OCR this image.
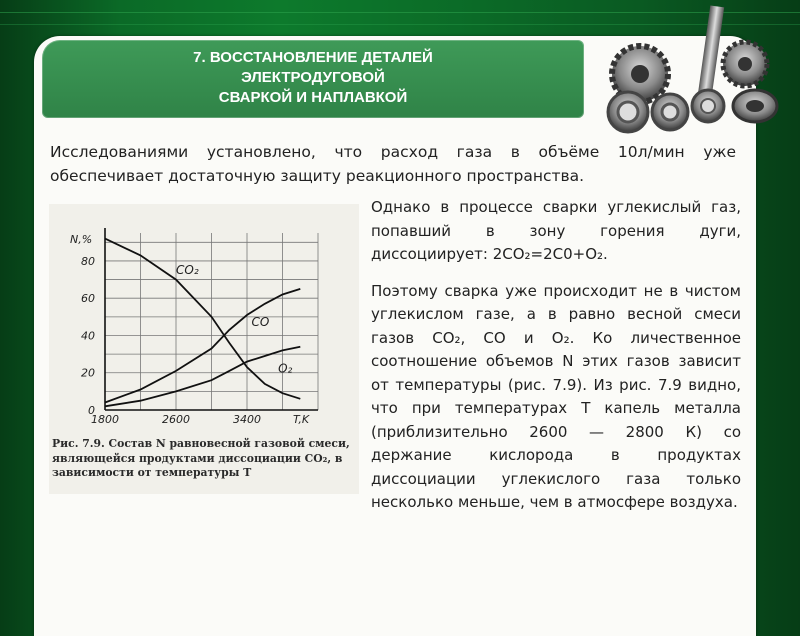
7. ВОССТАНОВЛЕНИЕ ДЕТАЛЕЙ
ЭЛЕКТРОДУГОВОЙ
СВАРКОЙ И НАПЛАВКОЙ
Исследованиями установлено, что расход газа в объёме 10л/мин уже обеспечивает достаточную защиту реакционного пространства.
0
20
40
60
80
1800	2600	3400
N,%
T,K
CO₂
CO
O₂
Рис. 7.9. Состав N равновесной газовой смеси, являющейся продуктами диссоциации CO₂, в зависимости от температуры T

Однако в процессе сварки углекислый газ, попавший в зону горения дуги, диссоциирует: 2CO₂=2C0+O₂.

Поэтому сварка уже происходит не в чистом углекислом газе, а в равно весной смеси газов СО₂, СО и О₂. Ко личественное соотношение объемов N этих газов зависит от температуры (рис. 7.9). Из рис. 7.9 видно, что при температурах T капель металла (приблизительно 2600 — 2800 К) со держание кислорода в продуктах диссоциации углекислого газа только несколько меньше, чем в атмосфере воздуха.
